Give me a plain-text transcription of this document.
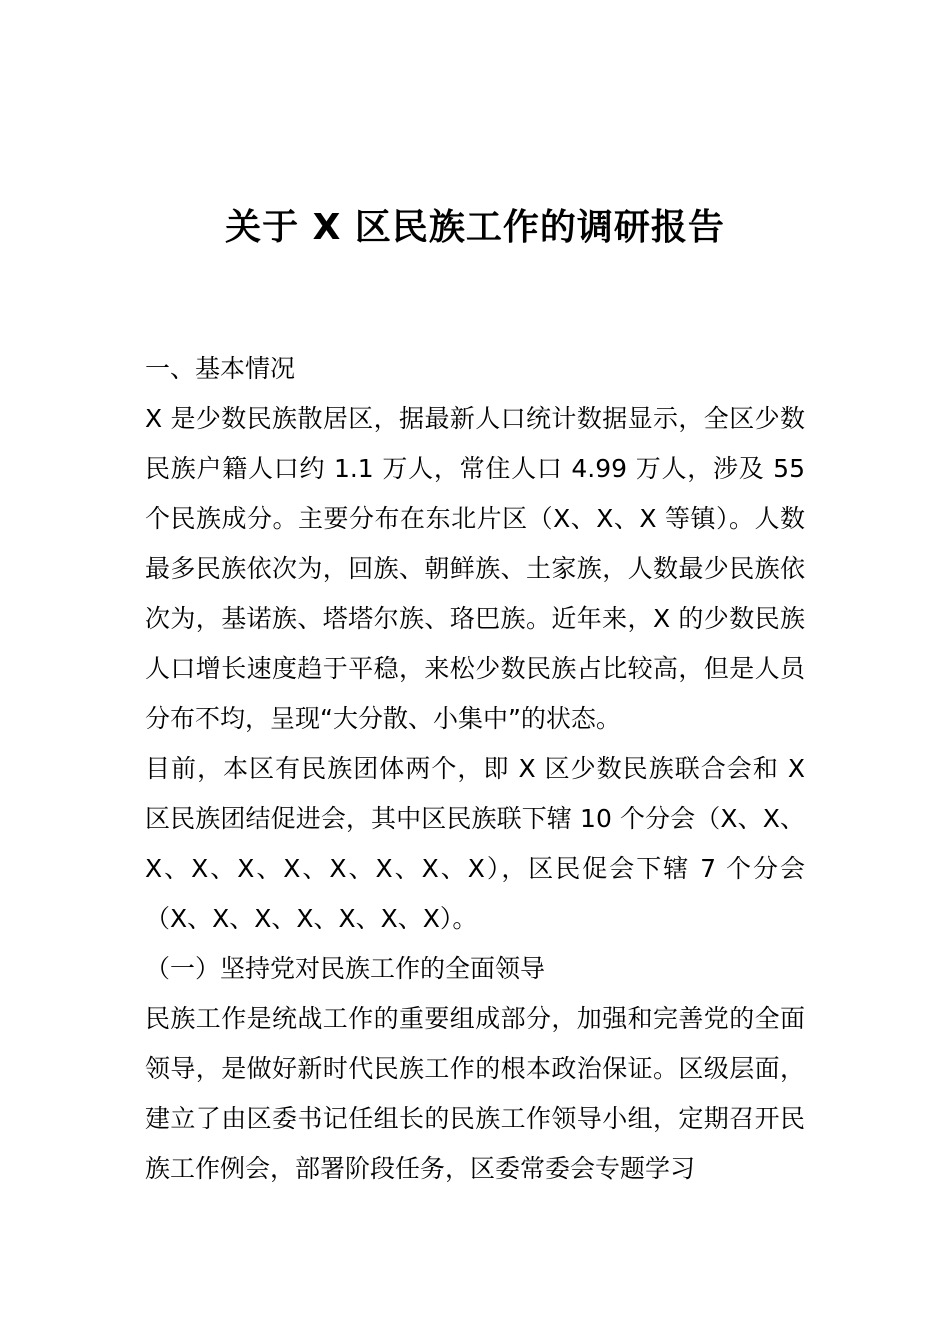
关于 X 区民族工作的调研报告

一、基本情况

X 是少数民族散居区，据最新人口统计数据显示，全区少数民族户籍人口约 1.1 万人，常住人口 4.99 万人，涉及 55 个民族成分。主要分布在东北片区（X、X、X 等镇）。人数最多民族依次为，回族、朝鲜族、土家族，人数最少民族依次为，基诺族、塔塔尔族、珞巴族。近年来，X 的少数民族人口增长速度趋于平稳，来松少数民族占比较高，但是人员分布不均，呈现“大分散、小集中”的状态。

目前，本区有民族团体两个，即 X 区少数民族联合会和 X 区民族团结促进会，其中区民族联下辖 10 个分会（X、X、X、X、X、X、X、X、X、X），区民促会下辖 7 个分会（X、X、X、X、X、X、X）。

（一）坚持党对民族工作的全面领导

民族工作是统战工作的重要组成部分，加强和完善党的全面领导，是做好新时代民族工作的根本政治保证。区级层面，建立了由区委书记任组长的民族工作领导小组，定期召开民族工作例会，部署阶段任务，区委常委会专题学习
